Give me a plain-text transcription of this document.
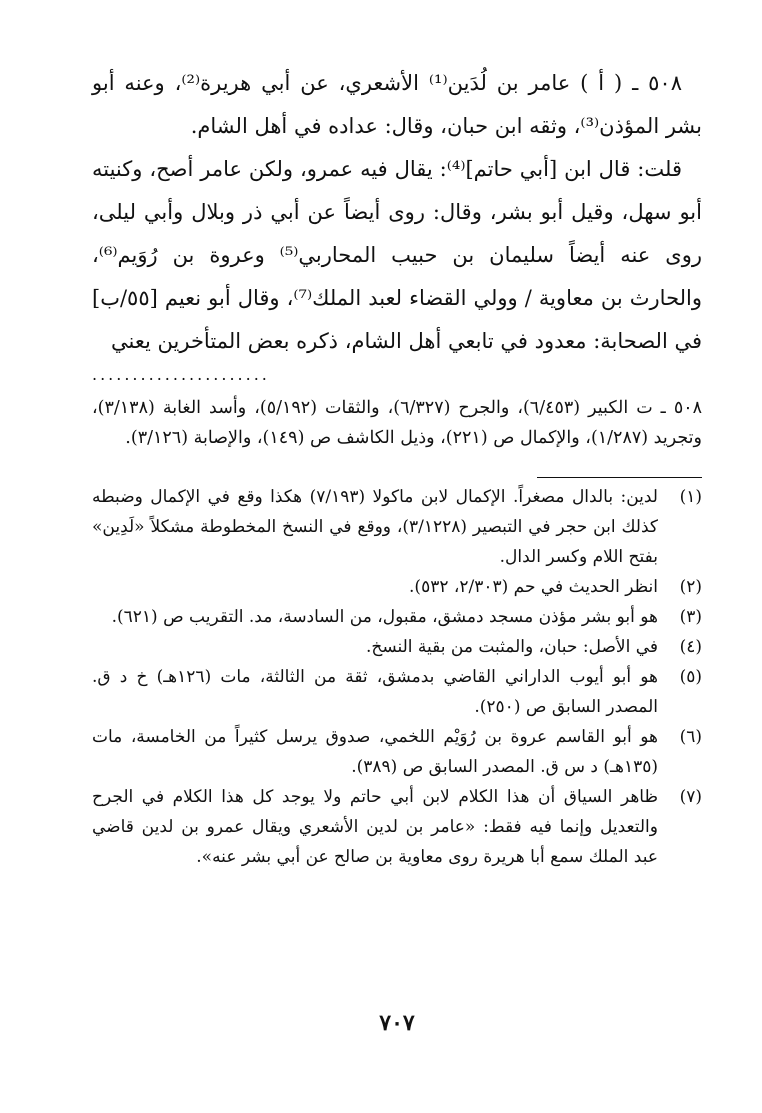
٥٠٨ ـ ( أ ) عامر بن لُدَين⁽¹⁾ الأشعري، عن أبي هريرة⁽²⁾، وعنه أبو بشر المؤذن⁽³⁾، وثقه ابن حبان، وقال: عداده في أهل الشام.

قلت: قال ابن [أبي حاتم]⁽⁴⁾: يقال فيه عمرو، ولكن عامر أصح، وكنيته أبو سهل، وقيل أبو بشر، وقال: روى أيضاً عن أبي ذر وبلال وأبي ليلى، روى عنه أيضاً سليمان بن حبيب المحاربي⁽⁵⁾ وعروة بن رُوَيم⁽⁶⁾، والحارث بن معاوية / وولي القضاء لعبد الملك⁽⁷⁾، وقال أبو نعيم [٥٥/ب] في الصحابة: معدود في تابعي أهل الشام، ذكره بعض المتأخرين يعني

......................
٥٠٨ ـ ت الكبير (٦/٤٥٣)، والجرح (٦/٣٢٧)، والثقات (٥/١٩٢)، وأسد الغابة (٣/١٣٨)، وتجريد (١/٢٨٧)، والإكمال ص (٢٢١)، وذيل الكاشف ص (١٤٩)، والإصابة (٣/١٢٦).
(١)
لدين: بالدال مصغراً. الإكمال لابن ماكولا (٧/١٩٣) هكذا وقع في الإكمال وضبطه كذلك ابن حجر في التبصير (٣/١٢٢٨)، ووقع في النسخ المخطوطة مشكلاً «لَدِين» بفتح اللام وكسر الدال.
(٢)
انظر الحديث في حم (٢/٣٠٣، ٥٣٢).
(٣)
هو أبو بشر مؤذن مسجد دمشق، مقبول، من السادسة، مد. التقريب ص (٦٢١).
(٤)
في الأصل: حبان، والمثبت من بقية النسخ.
(٥)
هو أبو أيوب الداراني القاضي بدمشق، ثقة من الثالثة، مات (١٢٦هـ) خ د ق. المصدر السابق ص (٢٥٠).
(٦)
هو أبو القاسم عروة بن رُوَيْم اللخمي، صدوق يرسل كثيراً من الخامسة، مات (١٣٥هـ) د س ق. المصدر السابق ص (٣٨٩).
(٧)
ظاهر السياق أن هذا الكلام لابن أبي حاتم ولا يوجد كل هذا الكلام في الجرح والتعديل وإنما فيه فقط: «عامر بن لدين الأشعري ويقال عمرو بن لدين قاضي عبد الملك سمع أبا هريرة روى معاوية بن صالح عن أبي بشر عنه».
٧٠٧
